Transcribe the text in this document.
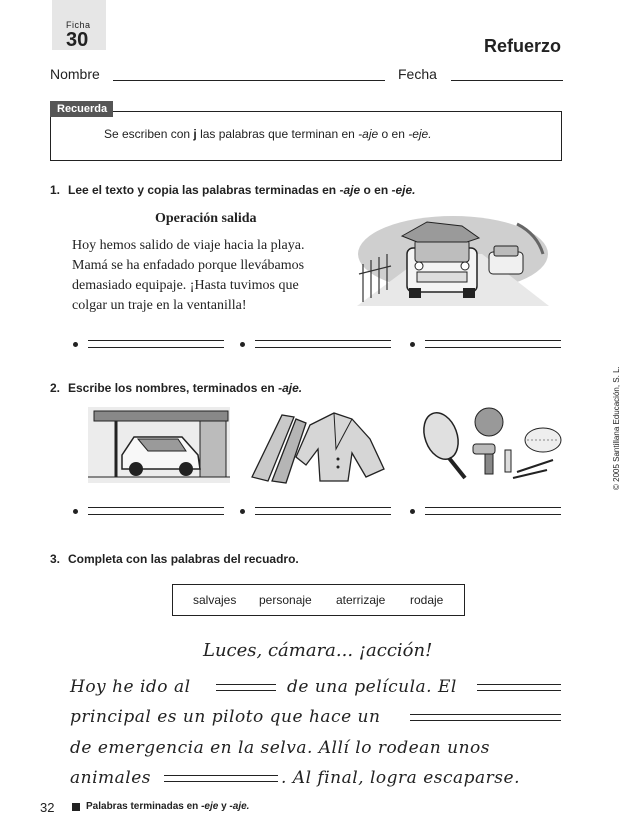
Ficha
30	Refuerzo
Nombre	Fecha
Recuerda
Se escriben con j las palabras que terminan en -aje o en -eje.
1. Lee el texto y copia las palabras terminadas en -aje o en -eje.
Operación salida
Hoy hemos salido de viaje hacia la playa.
Mamá se ha enfadado porque llevábamos
demasiado equipaje. ¡Hasta tuvimos que
colgar un traje en la ventanilla!
2. Escribe los nombres, terminados en -aje.
3. Completa con las palabras del recuadro.
salvajes personaje aterrizaje rodaje
Luces, cámara... ¡acción!
Hoy he ido al	de una película. El
principal es un piloto que hace un
de emergencia en la selva. Allí lo rodean unos
animales	. Al final, logra escaparse.
32	Palabras terminadas en -eje y -aje.
© 2005 Santillana Educación, S. L.
